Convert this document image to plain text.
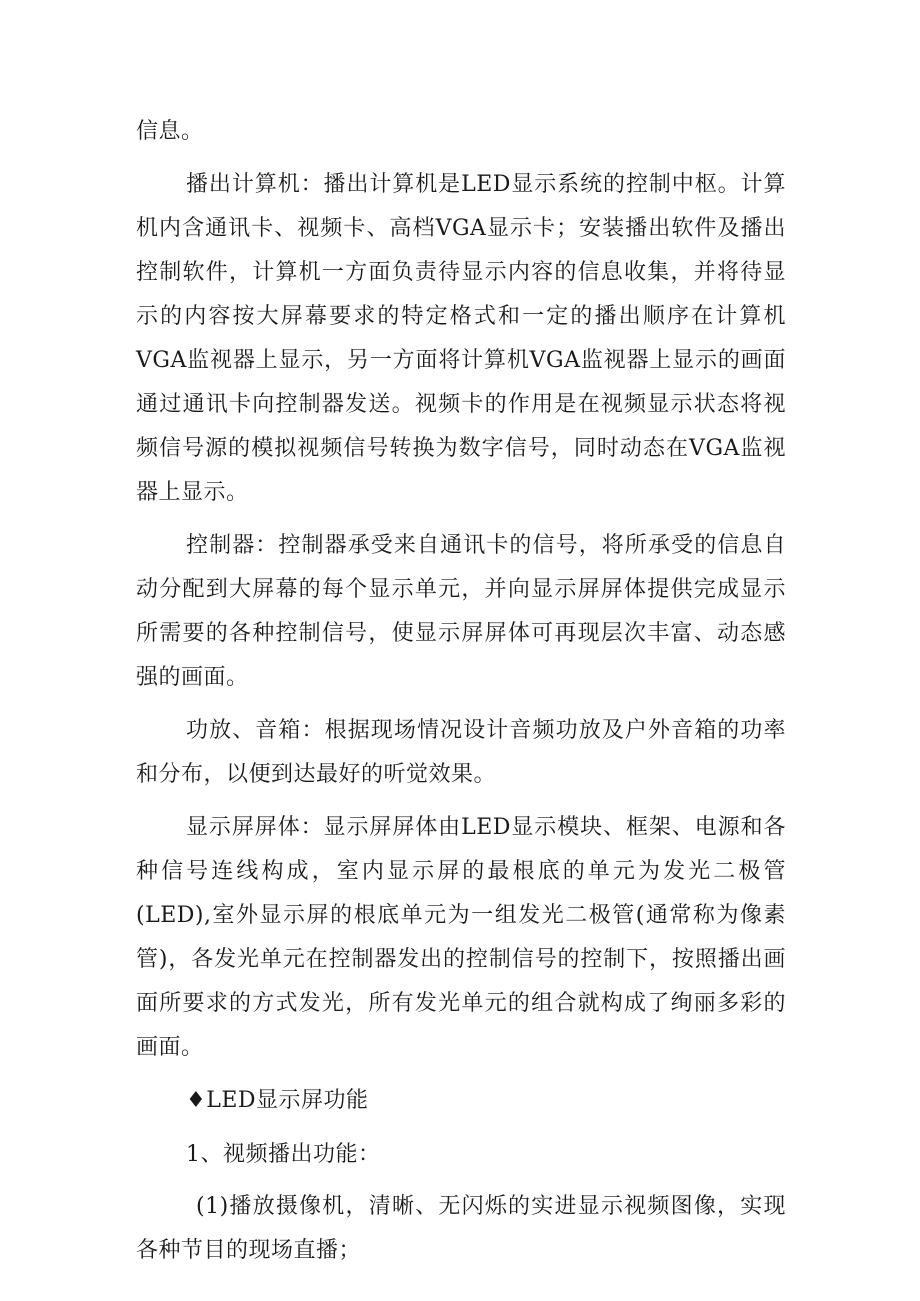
信息。
播出计算机：播出计算机是LED显示系统的控制中枢。计算
机内含通讯卡、视频卡、高档VGA显示卡；安装播出软件及播出
控制软件，计算机一方面负责待显示内容的信息收集，并将待显
示的内容按大屏幕要求的特定格式和一定的播出顺序在计算机
VGA监视器上显示，另一方面将计算机VGA监视器上显示的画面
通过通讯卡向控制器发送。视频卡的作用是在视频显示状态将视
频信号源的模拟视频信号转换为数字信号，同时动态在VGA监视
器上显示。
控制器：控制器承受来自通讯卡的信号，将所承受的信息自
动分配到大屏幕的每个显示单元，并向显示屏屏体提供完成显示
所需要的各种控制信号，使显示屏屏体可再现层次丰富、动态感
强的画面。
功放、音箱：根据现场情况设计音频功放及户外音箱的功率
和分布，以便到达最好的听觉效果。
显示屏屏体：显示屏屏体由LED显示模块、框架、电源和各
种信号连线构成，室内显示屏的最根底的单元为发光二极管
(LED),室外显示屏的根底单元为一组发光二极管(通常称为像素
管)，各发光单元在控制器发出的控制信号的控制下，按照播出画
面所要求的方式发光，所有发光单元的组合就构成了绚丽多彩的
画面。
♦LED显示屏功能
1、视频播出功能：
(1)播放摄像机，清晰、无闪烁的实进显示视频图像，实现
各种节目的现场直播；
